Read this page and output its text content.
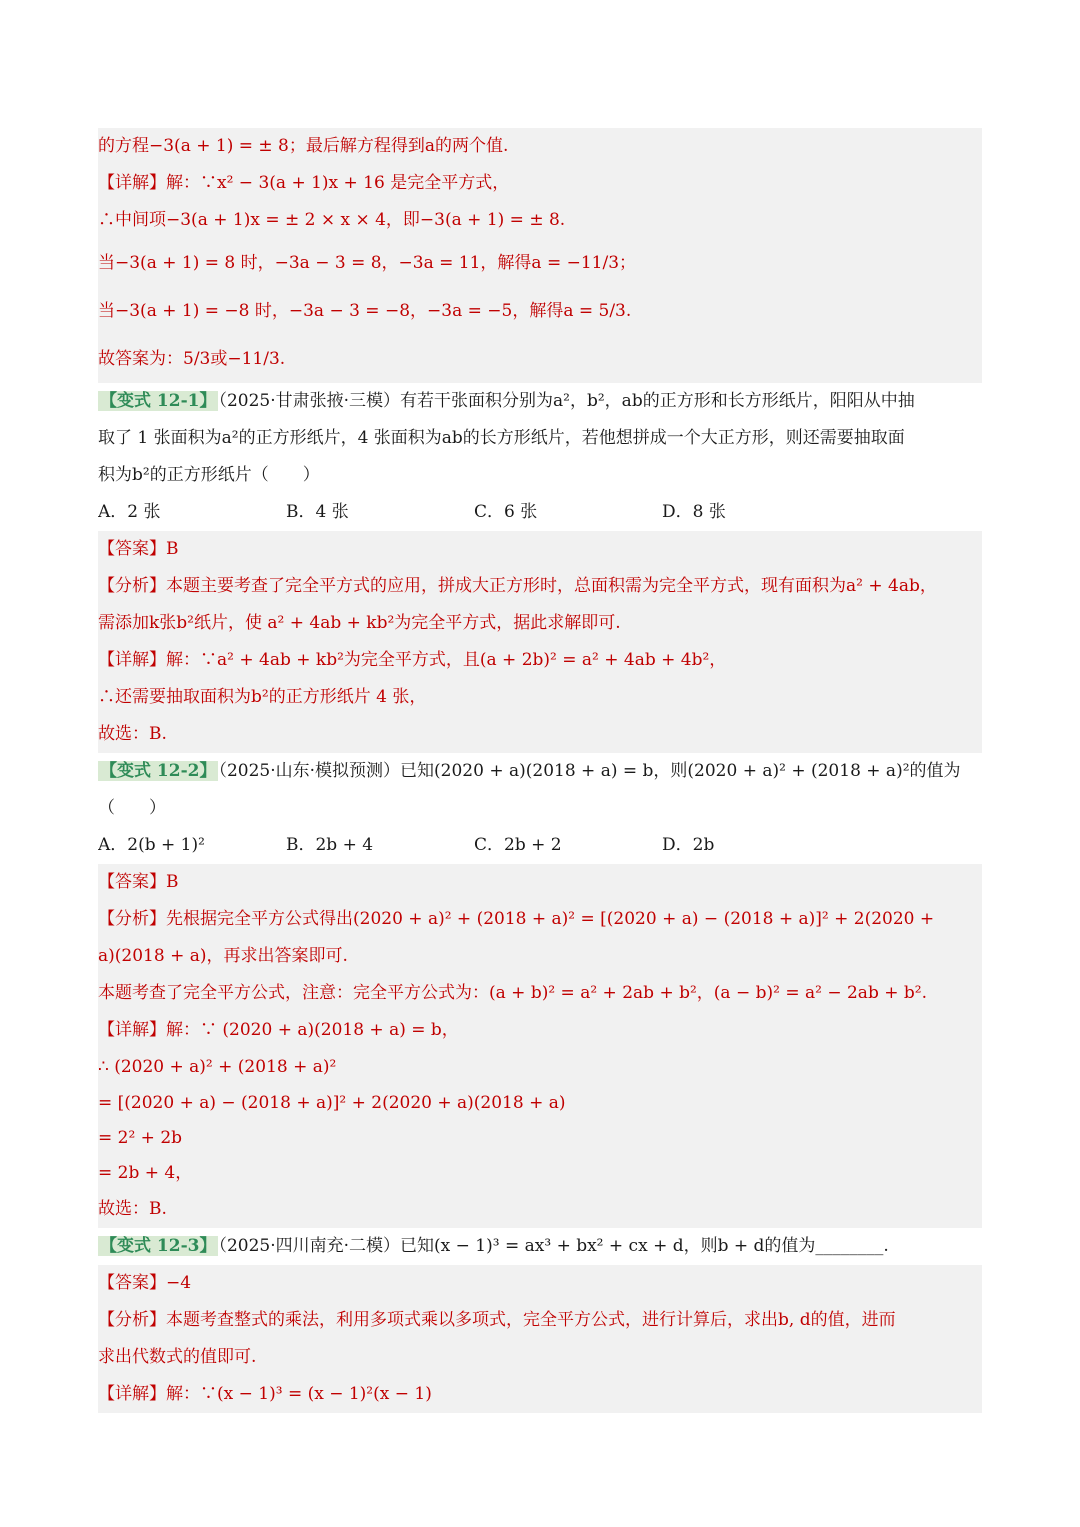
的方程−3(a + 1) = ± 8；最后解方程得到a的两个值.
【详解】解：∵x² − 3(a + 1)x + 16 是完全平方式，
∴中间项−3(a + 1)x = ± 2 × x × 4，即−3(a + 1) = ± 8.
当−3(a + 1) = 8 时，−3a − 3 = 8，−3a = 11，解得a = −11/3；
当−3(a + 1) = −8 时，−3a − 3 = −8，−3a = −5，解得a = 5/3.
故答案为：5/3或−11/3.
【变式 12-1】 （2025·甘肃张掖·三模）有若干张面积分别为a²，b²，ab的正方形和长方形纸片，阳阳从中抽
取了 1 张面积为a²的正方形纸片，4 张面积为ab的长方形纸片，若他想拼成一个大正方形，则还需要抽取面
积为b²的正方形纸片（　　）
A．2 张	B．4 张	C．6 张	D．8 张
【答案】B
【分析】本题主要考查了完全平方式的应用，拼成大正方形时，总面积需为完全平方式，现有面积为a² + 4ab，
需添加k张b²纸片，使 a² + 4ab + kb²为完全平方式，据此求解即可.
【详解】解：∵a² + 4ab + kb²为完全平方式，且(a + 2b)² = a² + 4ab + 4b²，
∴还需要抽取面积为b²的正方形纸片 4 张，
故选：B.
【变式 12-2】 （2025·山东·模拟预测）已知(2020 + a)(2018 + a) = b，则(2020 + a)² + (2018 + a)²的值为
（　　）
A．2(b + 1)²	B．2b + 4	C．2b + 2	D．2b
【答案】B
【分析】先根据完全平方公式得出(2020 + a)² + (2018 + a)² = [(2020 + a) − (2018 + a)]² + 2(2020 +
a)(2018 + a)，再求出答案即可.
本题考查了完全平方公式，注意：完全平方公式为：(a + b)² = a² + 2ab + b²，(a − b)² = a² − 2ab + b².
【详解】解：∵ (2020 + a)(2018 + a) = b，
∴ (2020 + a)² + (2018 + a)²
= [(2020 + a) − (2018 + a)]² + 2(2020 + a)(2018 + a)
= 2² + 2b
= 2b + 4，
故选：B.
【变式 12-3】 （2025·四川南充·二模）已知(x − 1)³ = ax³ + bx² + cx + d，则b + d的值为________.
【答案】−4
【分析】本题考查整式的乘法，利用多项式乘以多项式，完全平方公式，进行计算后，求出b, d的值，进而
求出代数式的值即可.
【详解】解：∵(x − 1)³ = (x − 1)²(x − 1)
